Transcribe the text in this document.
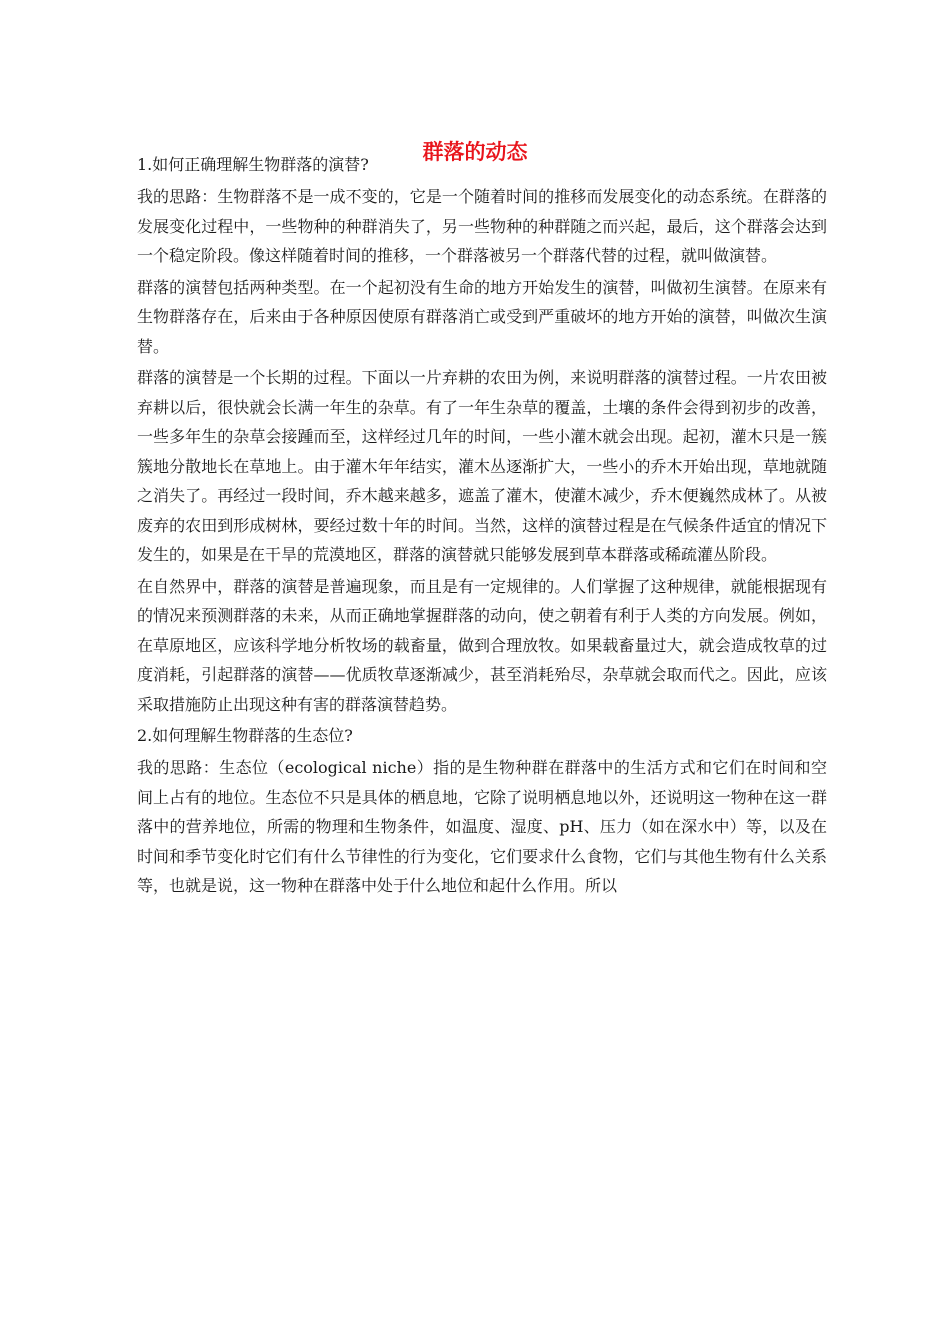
群落的动态

1.如何正确理解生物群落的演替?

我的思路：生物群落不是一成不变的，它是一个随着时间的推移而发展变化的动态系统。在群落的发展变化过程中，一些物种的种群消失了，另一些物种的种群随之而兴起，最后，这个群落会达到一个稳定阶段。像这样随着时间的推移，一个群落被另一个群落代替的过程，就叫做演替。

群落的演替包括两种类型。在一个起初没有生命的地方开始发生的演替，叫做初生演替。在原来有生物群落存在，后来由于各种原因使原有群落消亡或受到严重破坏的地方开始的演替，叫做次生演替。

群落的演替是一个长期的过程。下面以一片弃耕的农田为例，来说明群落的演替过程。一片农田被弃耕以后，很快就会长满一年生的杂草。有了一年生杂草的覆盖，土壤的条件会得到初步的改善，一些多年生的杂草会接踵而至，这样经过几年的时间，一些小灌木就会出现。起初，灌木只是一簇簇地分散地长在草地上。由于灌木年年结实，灌木丛逐渐扩大，一些小的乔木开始出现，草地就随之消失了。再经过一段时间，乔木越来越多，遮盖了灌木，使灌木减少，乔木便巍然成林了。从被废弃的农田到形成树林，要经过数十年的时间。当然，这样的演替过程是在气候条件适宜的情况下发生的，如果是在干旱的荒漠地区，群落的演替就只能够发展到草本群落或稀疏灌丛阶段。

在自然界中，群落的演替是普遍现象，而且是有一定规律的。人们掌握了这种规律，就能根据现有的情况来预测群落的未来，从而正确地掌握群落的动向，使之朝着有利于人类的方向发展。例如，在草原地区，应该科学地分析牧场的载畜量，做到合理放牧。如果载畜量过大，就会造成牧草的过度消耗，引起群落的演替——优质牧草逐渐减少，甚至消耗殆尽，杂草就会取而代之。因此，应该采取措施防止出现这种有害的群落演替趋势。

2.如何理解生物群落的生态位?

我的思路：生态位（ecological niche）指的是生物种群在群落中的生活方式和它们在时间和空间上占有的地位。生态位不只是具体的栖息地，它除了说明栖息地以外，还说明这一物种在这一群落中的营养地位，所需的物理和生物条件，如温度、湿度、pH、压力（如在深水中）等，以及在时间和季节变化时它们有什么节律性的行为变化，它们要求什么食物，它们与其他生物有什么关系等，也就是说，这一物种在群落中处于什么地位和起什么作用。所以
